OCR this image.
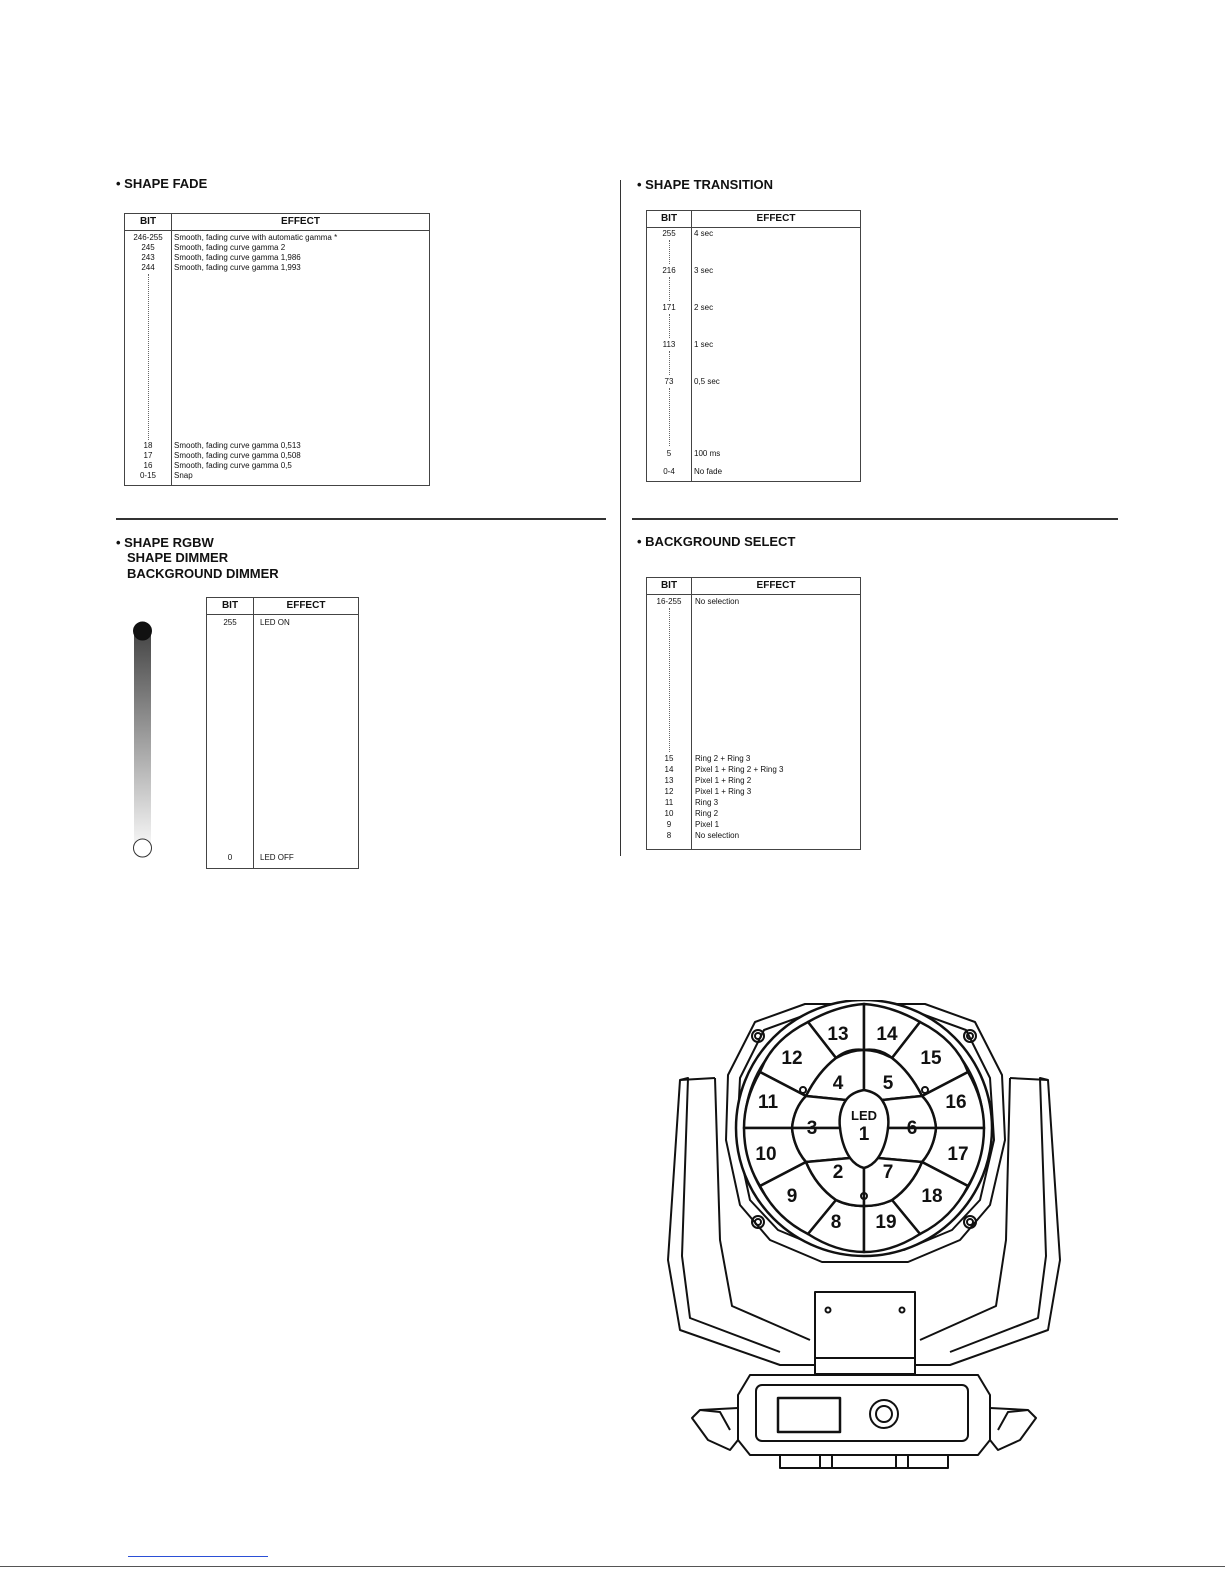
• SHAPE FADE
BIT	EFFECT
246-255	Smooth, fading curve with automatic gamma *
245	Smooth, fading curve gamma 2
243	Smooth, fading curve gamma 1,986
244	Smooth, fading curve gamma 1,993
18	Smooth, fading curve gamma 0,513
17	Smooth, fading curve gamma 0,508
16	Smooth, fading curve gamma 0,5
0-15	Snap
• SHAPE TRANSITION
BIT	EFFECT
255	4 sec
216	3 sec
171	2 sec
113	1 sec
73	0,5 sec
5	100 ms
0-4	No fade
• SHAPE RGBW
SHAPE DIMMER
BACKGROUND DIMMER
BIT	EFFECT
255	LED ON
0	LED OFF
• BACKGROUND SELECT
BIT	EFFECT
16-255	No selection
15	Ring 2 + Ring 3
14	Pixel 1 + Ring 2 + Ring 3
13	Pixel 1 + Ring 2
12	Pixel 1 + Ring 3
11	Ring 3
10	Ring 2
9	Pixel 1
8	No selection
LED
1
2
3
4 5
6
7
8
9
10
11
12
13 14
15
16
17
18
19
